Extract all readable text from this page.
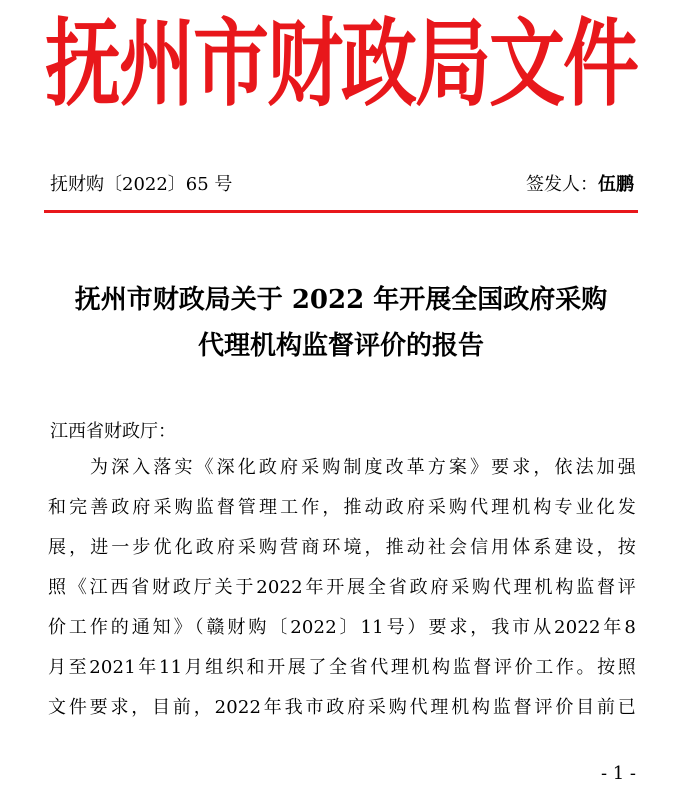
抚州市财政局文件
抚财购〔2022〕65 号	签发人：伍鹏
抚州市财政局关于 2022 年开展全国政府采购
代理机构监督评价的报告
江西省财政厅：
为深入落实《深化政府采购制度改革方案》要求，依法加强
和完善政府采购监督管理工作，推动政府采购代理机构专业化发
展，进一步优化政府采购营商环境，推动社会信用体系建设，按
照《江西省财政厅关于2022年开展全省政府采购代理机构监督评
价工作的通知》（赣财购〔2022〕11号）要求，我市从2022年8
月至2021年11月组织和开展了全省代理机构监督评价工作。按照
文件要求，目前，2022年我市政府采购代理机构监督评价目前已
- 1 -
